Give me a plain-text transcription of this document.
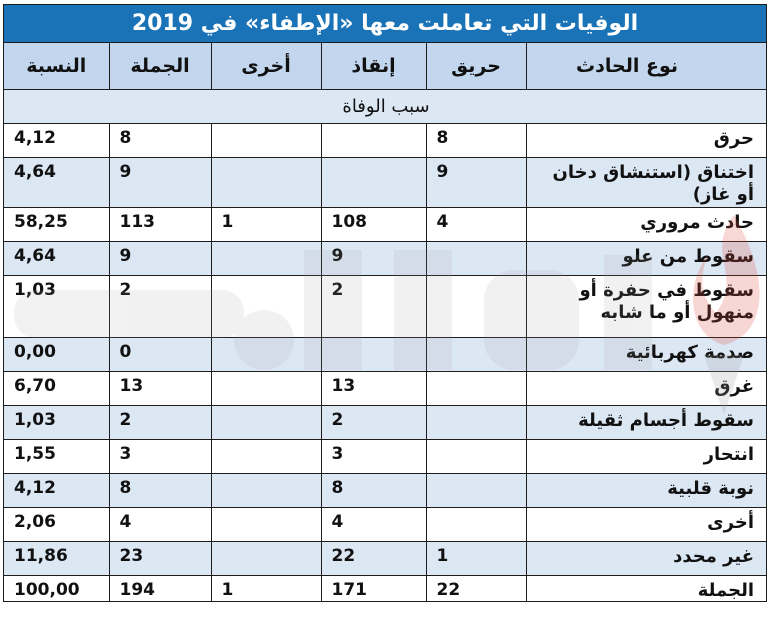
الوفيات التي تعاملت معها «الإطفاء» في 2019
النسبة	الجملة	أخرى	إنقاذ	حريق	نوع الحادث
سبب الوفاة					
4,12	8			8	حرق
4,64	9			9	اختناق (استنشاق دخان أو غاز)
58,25	113	1	108	4	حادث مروري
4,64	9		9		سقوط من علو
1,03	2		2		سقوط في حفرة أو منهول أو ما شابه
0,00	0				صدمة كهربائية
6,70	13		13		غرق
1,03	2		2		سقوط أجسام ثقيلة
1,55	3		3		انتحار
4,12	8		8		نوبة قلبية
2,06	4		4		أخرى
11,86	23		22	1	غير محدد
100,00	194	1	171	22	الجملة
